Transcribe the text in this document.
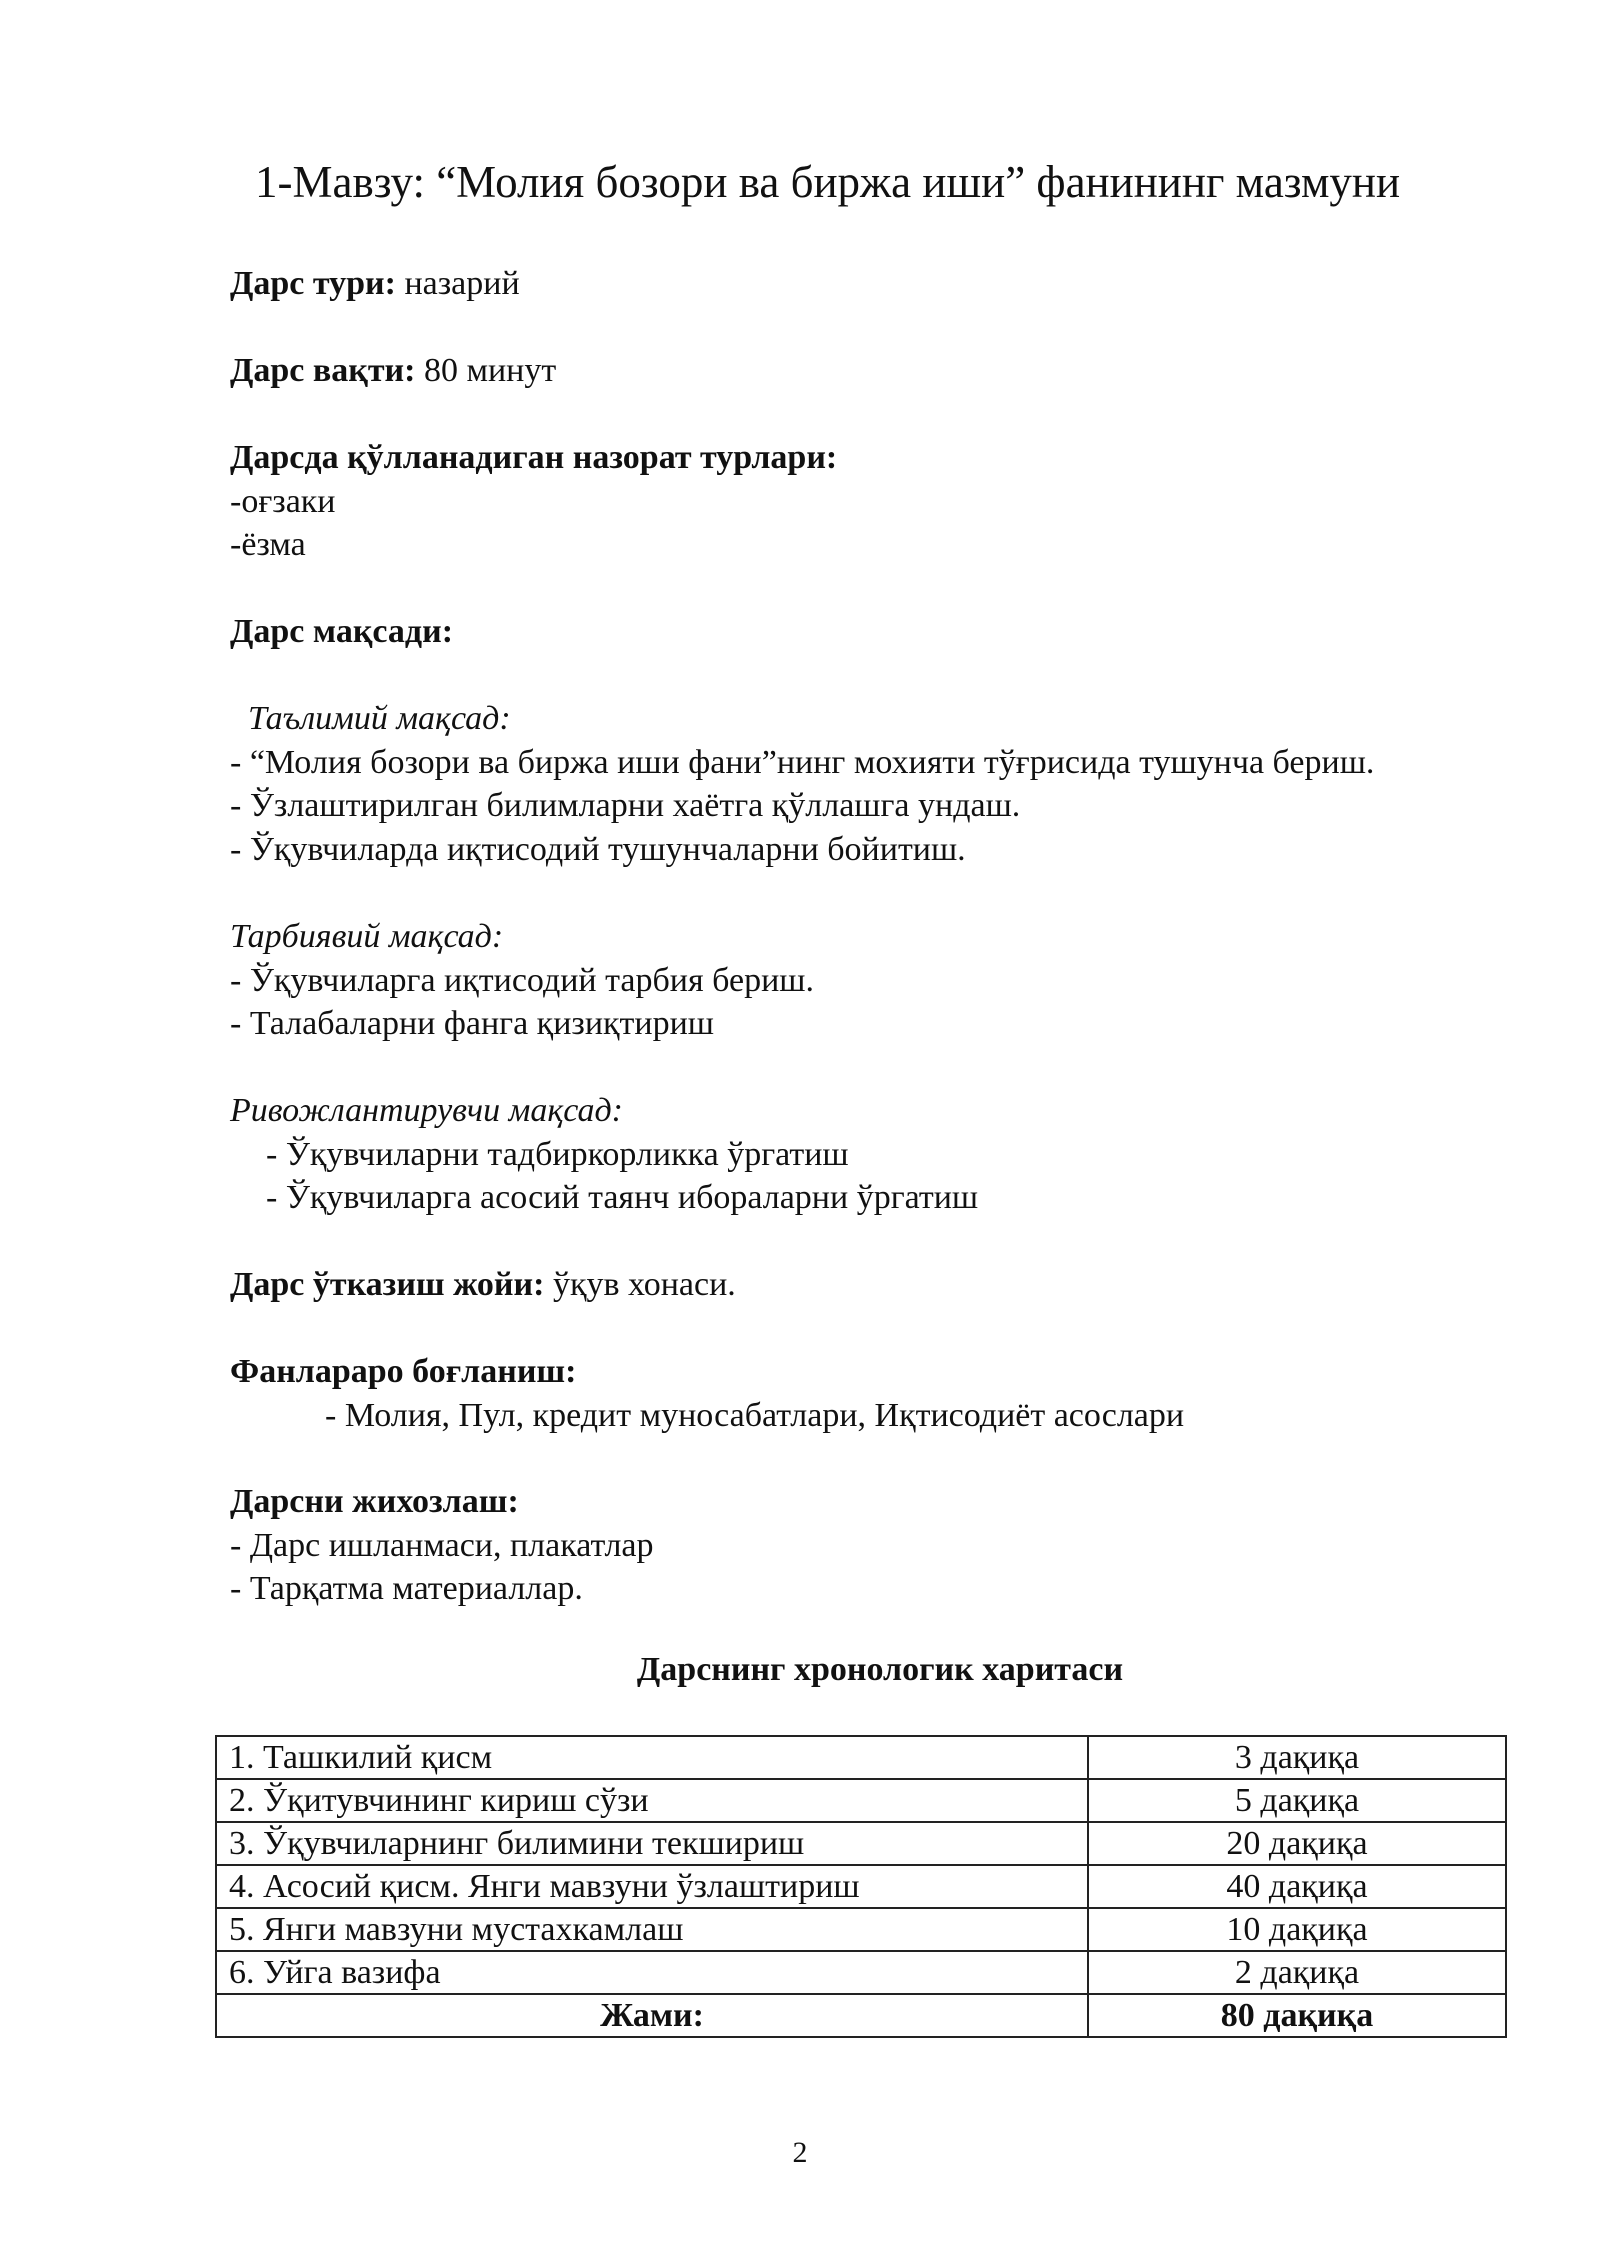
1-Мавзу: “Молия бозори ва биржа иши” фанининг мазмуни
Дарс тури: назарий
Дарс вақти: 80 минут
Дарсда қўлланадиган назорат турлари:
-оғзаки
-ёзма
Дарс мақсади:
Таълимий мақсад:
- “Молия бозори ва биржа иши фани”нинг мохияти тўғрисида тушунча бериш.
- Ўзлаштирилган билимларни хаётга қўллашга ундаш.
- Ўқувчиларда иқтисодий тушунчаларни бойитиш.
Тарбиявий мақсад:
- Ўқувчиларга иқтисодий тарбия бериш.
- Талабаларни фанга қизиқтириш
Ривожлантирувчи мақсад:
- Ўқувчиларни тадбиркорликка ўргатиш
- Ўқувчиларга асосий таянч ибораларни ўргатиш
Дарс ўтказиш жойи: ўқув хонаси.
Фанлараро боғланиш:
- Молия, Пул, кредит муносабатлари, Иқтисодиёт асослари
Дарсни жихозлаш:
- Дарс ишланмаси, плакатлар
- Тарқатма материаллар.
Дарснинг хронологик харитаси
1. Ташкилий қисм	3 дақиқа
2. Ўқитувчининг кириш сўзи	5 дақиқа
3. Ўқувчиларнинг билимини текшириш	20 дақиқа
4. Асосий қисм. Янги мавзуни ўзлаштириш	40 дақиқа
5. Янги мавзуни мустахкамлаш	10 дақиқа
6. Уйга вазифа	2 дақиқа
Жами:	80 дақиқа
2
